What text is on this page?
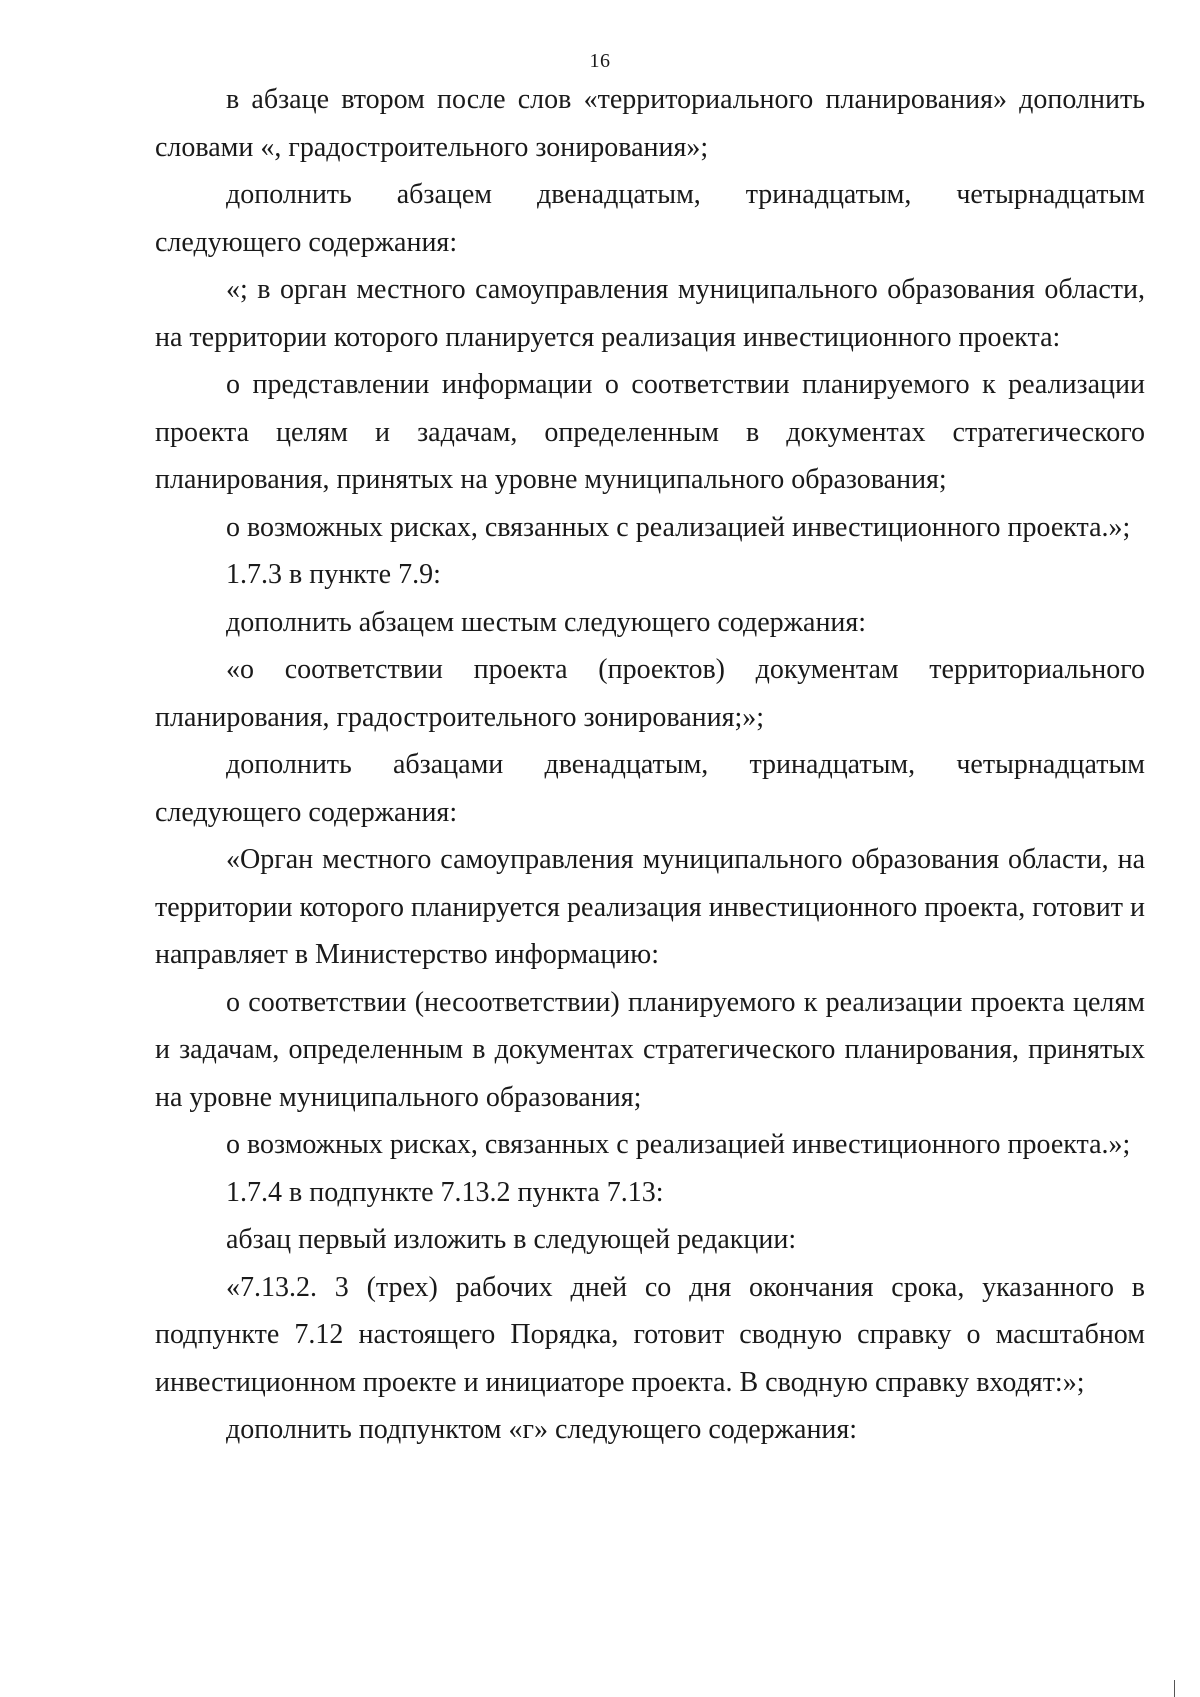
16

в абзаце втором после слов «территориального планирования» дополнить словами «, градостроительного зонирования»;

дополнить абзацем двенадцатым, тринадцатым, четырнадцатым следующего содержания:

«; в орган местного самоуправления муниципального образования области, на территории которого планируется реализация инвестиционного проекта:

о представлении информации о соответствии планируемого к реализации проекта целям и задачам, определенным в документах стратегического планирования, принятых на уровне муниципального образования;

о возможных рисках, связанных с реализацией инвестиционного проекта.»;

1.7.3 в пункте 7.9:

дополнить абзацем шестым следующего содержания:

«о соответствии проекта (проектов) документам территориального планирования, градостроительного зонирования;»;

дополнить абзацами двенадцатым, тринадцатым, четырнадцатым следующего содержания:

«Орган местного самоуправления муниципального образования области, на территории которого планируется реализация инвестиционного проекта, готовит и направляет в Министерство информацию:

о соответствии (несоответствии) планируемого к реализации проекта целям и задачам, определенным в документах стратегического планирования, принятых на уровне муниципального образования;

о возможных рисках, связанных с реализацией инвестиционного проекта.»;

1.7.4 в подпункте 7.13.2 пункта 7.13:

абзац первый изложить в следующей редакции:

«7.13.2. 3 (трех) рабочих дней со дня окончания срока, указанного в подпункте 7.12 настоящего Порядка, готовит сводную справку о масштабном инвестиционном проекте и инициаторе проекта. В сводную справку входят:»;

дополнить подпунктом «г» следующего содержания:
